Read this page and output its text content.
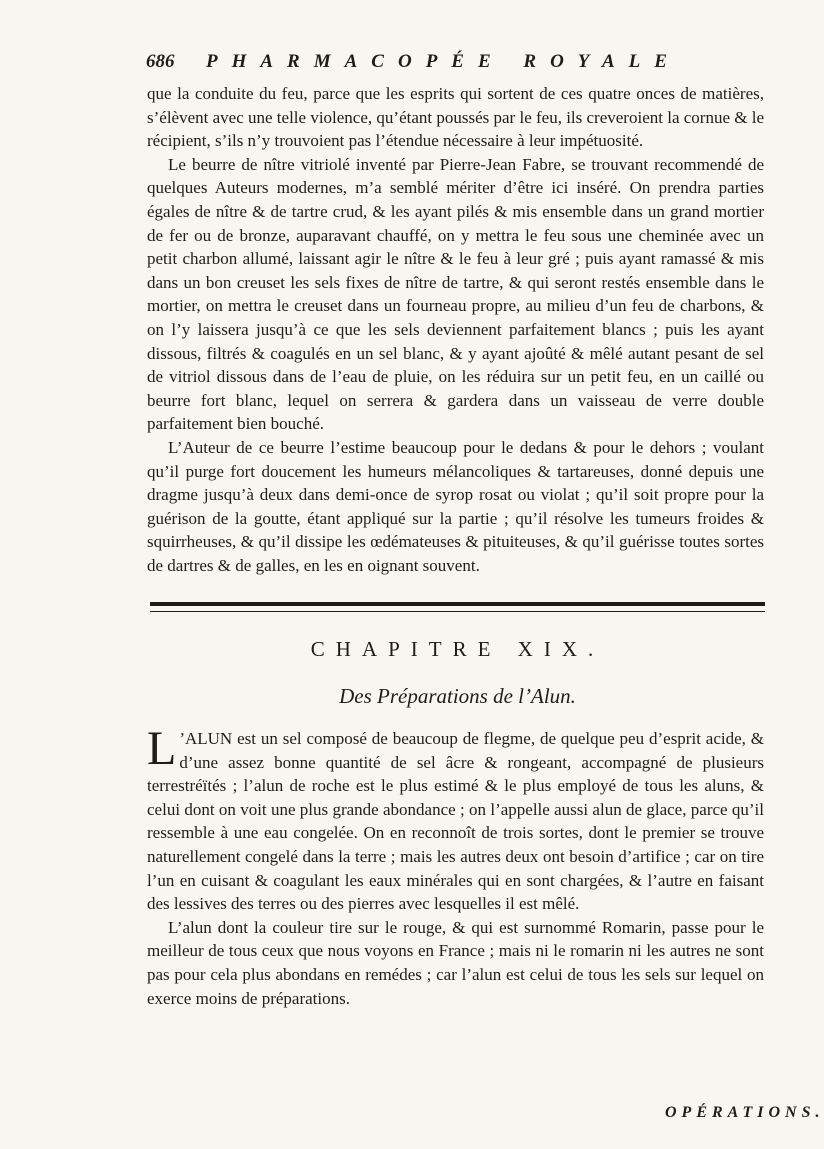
686 PHARMACOPÉE ROYALE

que la conduite du feu, parce que les esprits qui sortent de ces quatre onces de matières, s’élèvent avec une telle violence, qu’étant poussés par le feu, ils creveroient la cornue & le récipient, s’ils n’y trouvoient pas l’étendue nécessaire à leur impétuosité.

Le beurre de nître vitriolé inventé par Pierre-Jean Fabre, se trouvant recommendé de quelques Auteurs modernes, m’a semblé mériter d’être ici inséré. On prendra parties égales de nître & de tartre crud, & les ayant pilés & mis ensemble dans un grand mortier de fer ou de bronze, auparavant chauffé, on y mettra le feu sous une cheminée avec un petit charbon allumé, laissant agir le nître & le feu à leur gré ; puis ayant ramassé & mis dans un bon creuset les sels fixes de nître de tartre, & qui seront restés ensemble dans le mortier, on mettra le creuset dans un fourneau propre, au milieu d’un feu de charbons, & on l’y laissera jusqu’à ce que les sels deviennent parfaitement blancs ; puis les ayant dissous, filtrés & coagulés en un sel blanc, & y ayant ajoûté & mêlé autant pesant de sel de vitriol dissous dans de l’eau de pluie, on les réduira sur un petit feu, en un caillé ou beurre fort blanc, lequel on serrera & gardera dans un vaisseau de verre double parfaitement bien bouché.

L’Auteur de ce beurre l’estime beaucoup pour le dedans & pour le dehors ; voulant qu’il purge fort doucement les humeurs mélancoliques & tartareuses, donné depuis une dragme jusqu’à deux dans demi-once de syrop rosat ou violat ; qu’il soit propre pour la guérison de la goutte, étant appliqué sur la partie ; qu’il résolve les tumeurs froides & squirrheuses, & qu’il dissipe les œdémateuses & pituiteuses, & qu’il guérisse toutes sortes de dartres & de galles, en les en oignant souvent.

CHAPITRE XIX.
Des Préparations de l’Alun.

L ’ALUN est un sel composé de beaucoup de flegme, de quelque peu d’esprit acide, & d’une assez bonne quantité de sel âcre & rongeant, accompagné de plusieurs terrestréïtés ; l’alun de roche est le plus estimé & le plus employé de tous les aluns, & celui dont on voit une plus grande abondance ; on l’appelle aussi alun de glace, parce qu’il ressemble à une eau congelée. On en reconnoît de trois sortes, dont le premier se trouve naturellement congelé dans la terre ; mais les autres deux ont besoin d’artifice ; car on tire l’un en cuisant & coagulant les eaux minérales qui en sont chargées, & l’autre en faisant des lessives des terres ou des pierres avec lesquelles il est mêlé.

L’alun dont la couleur tire sur le rouge, & qui est surnommé Romarin, passe pour le meilleur de tous ceux que nous voyons en France ; mais ni le romarin ni les autres ne sont pas pour cela plus abondans en remédes ; car l’alun est celui de tous les sels sur lequel on exerce moins de préparations.

OPÉRATIONS.
